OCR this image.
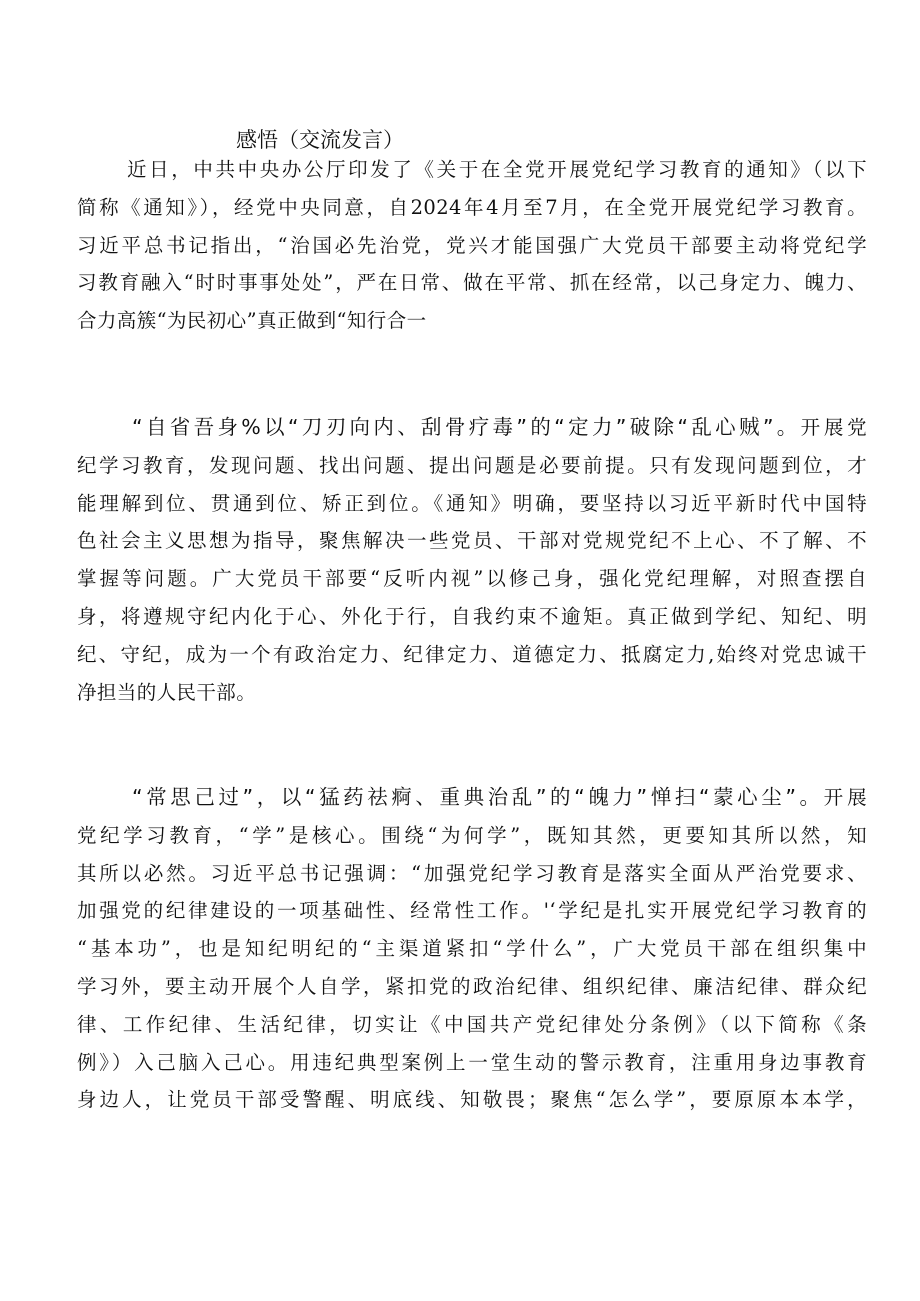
感悟（交流发言）
近日，中共中央办公厅印发了《关于在全党开展党纪学习教育的通知》（以下
简称《通知》），经党中央同意，自2024年4月至7月，在全党开展党纪学习教育。
习近平总书记指出，“治国必先治党，党兴才能国强广大党员干部要主动将党纪学
习教育融入“时时事事处处”，严在日常、做在平常、抓在经常，以己身定力、魄力、
合力高簇“为民初心”真正做到“知行合一
“自省吾身%以“刀刃向内、刮骨疗毒”的“定力”破除“乱心贼”。开展党
纪学习教育，发现问题、找出问题、提出问题是必要前提。只有发现问题到位，才
能理解到位、贯通到位、矫正到位。《通知》明确，要坚持以习近平新时代中国特
色社会主义思想为指导，聚焦解决一些党员、干部对党规党纪不上心、不了解、不
掌握等问题。广大党员干部要“反听内视”以修己身，强化党纪理解，对照查摆自
身，将遵规守纪内化于心、外化于行，自我约束不逾矩。真正做到学纪、知纪、明
纪、守纪，成为一个有政治定力、纪律定力、道德定力、抵腐定力,始终对党忠诚干
净担当的人民干部。
“常思己过”，以“猛药祛痾、重典治乱”的“魄力”惮扫“蒙心尘”。开展
党纪学习教育，“学”是核心。围绕“为何学”，既知其然，更要知其所以然，知
其所以必然。习近平总书记强调：“加强党纪学习教育是落实全面从严治党要求、
加强党的纪律建设的一项基础性、经常性工作。'‘学纪是扎实开展党纪学习教育的
“基本功”，也是知纪明纪的“主渠道紧扣“学什么”，广大党员干部在组织集中
学习外，要主动开展个人自学，紧扣党的政治纪律、组织纪律、廉洁纪律、群众纪
律、工作纪律、生活纪律，切实让《中国共产党纪律处分条例》（以下简称《条
例》）入己脑入己心。用违纪典型案例上一堂生动的警示教育，注重用身边事教育
身边人，让党员干部受警醒、明底线、知敬畏；聚焦“怎么学”，要原原本本学，
